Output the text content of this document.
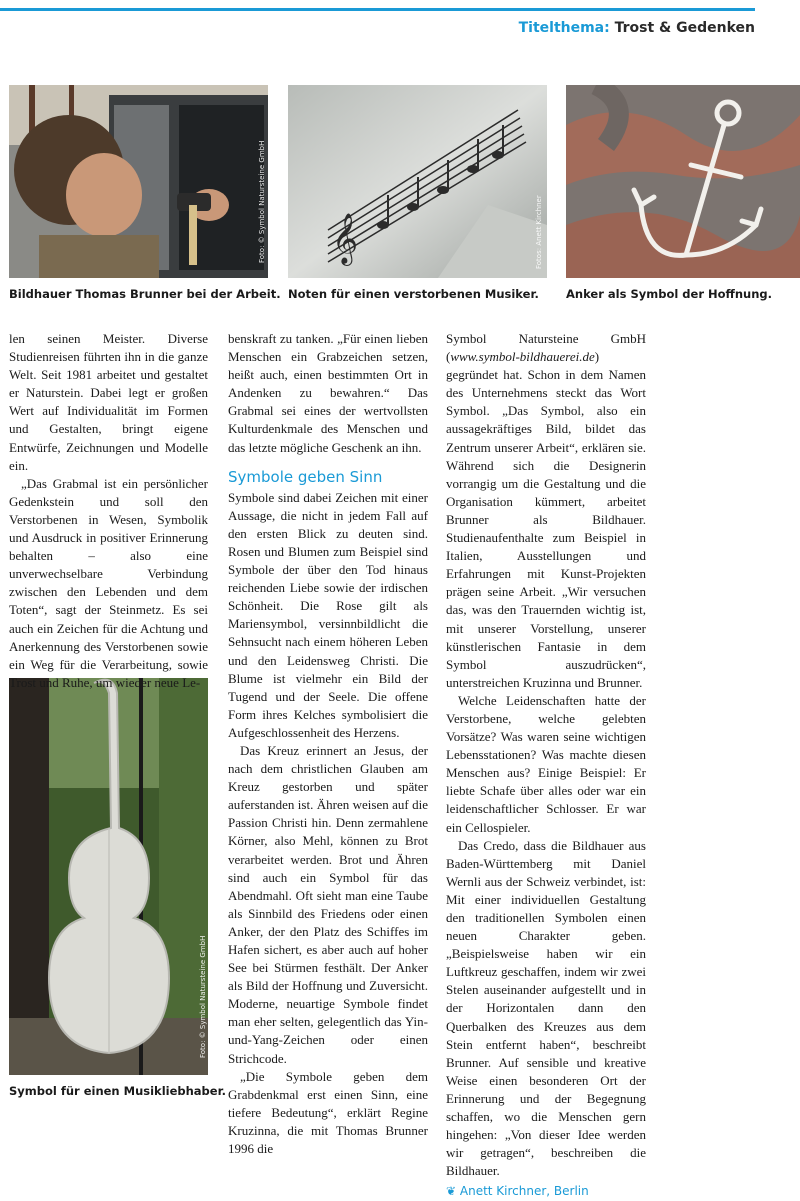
Titelthema: Trost & Gedenken
Foto: © Symbol Natursteine GmbH
Bildhauer Thomas Brunner bei der Arbeit.
𝄞	Fotos: Anett Kirchner
Noten für einen verstorbenen Musiker. Anker als Symbol der Hoffnung.
Foto: © Symbol Natursteine GmbH
Symbol für einen Musikliebhaber.

len seinen Meister. Diverse Studienreisen führten ihn in die ganze Welt. Seit 1981 arbeitet und gestaltet er Naturstein. Dabei legt er großen Wert auf Individualität im Formen und Gestalten, bringt eigene Entwürfe, Zeichnungen und Modelle ein.

„Das Grabmal ist ein persönlicher Gedenkstein und soll den Verstorbenen in Wesen, Symbolik und Ausdruck in positiver Erinnerung behalten – also eine unverwechselbare Verbindung zwischen den Lebenden und dem Toten“, sagt der Steinmetz. Es sei auch ein Zeichen für die Achtung und Anerkennung des Verstorbenen sowie ein Weg für die Verarbeitung, sowie Trost und Ruhe, um wieder neue Le-

benskraft zu tanken. „Für einen lieben Menschen ein Grabzeichen setzen, heißt auch, einen bestimmten Ort in Andenken zu bewahren.“ Das Grabmal sei eines der wertvollsten Kulturdenkmale des Menschen und das letzte mögliche Geschenk an ihn.

Symbole geben Sinn

Symbole sind dabei Zeichen mit einer Aussage, die nicht in jedem Fall auf den ersten Blick zu deuten sind. Rosen und Blumen zum Beispiel sind Symbole der über den Tod hinaus reichenden Liebe sowie der irdischen Schönheit. Die Rose gilt als Mariensymbol, versinnbildlicht die Sehnsucht nach einem höheren Leben und den Leidensweg Christi. Die Blume ist vielmehr ein Bild der Tugend und der Seele. Die offene Form ihres Kelches symbolisiert die Aufgeschlossenheit des Herzens.

Das Kreuz erinnert an Jesus, der nach dem christlichen Glauben am Kreuz gestorben und später auferstanden ist. Ähren weisen auf die Passion Christi hin. Denn zermahlene Körner, also Mehl, können zu Brot verarbeitet werden. Brot und Ähren sind auch ein Symbol für das Abendmahl. Oft sieht man eine Taube als Sinnbild des Friedens oder einen Anker, der den Platz des Schiffes im Hafen sichert, es aber auch auf hoher See bei Stürmen festhält. Der Anker als Bild der Hoffnung und Zuversicht. Moderne, neuartige Symbole findet man eher selten, gelegentlich das Yin-und-Yang-Zeichen oder einen Strichcode.

„Die Symbole geben dem Grabdenkmal erst einen Sinn, eine tiefere Bedeutung“, erklärt Regine Kruzinna, die mit Thomas Brunner 1996 die

Symbol Natursteine GmbH (www.symbol-bildhauerei.de) gegründet hat. Schon in dem Namen des Unternehmens steckt das Wort Symbol. „Das Symbol, also ein aussagekräftiges Bild, bildet das Zentrum unserer Arbeit“, erklären sie. Während sich die Designerin vorrangig um die Gestaltung und die Organisation kümmert, arbeitet Brunner als Bildhauer. Studienaufenthalte zum Beispiel in Italien, Ausstellungen und Erfahrungen mit Kunst-Projekten prägen seine Arbeit. „Wir versuchen das, was den Trauernden wichtig ist, mit unserer Vorstellung, unserer künstlerischen Fantasie in dem Symbol auszudrücken“, unterstreichen Kruzinna und Brunner.

Welche Leidenschaften hatte der Verstorbene, welche gelebten Vorsätze? Was waren seine wichtigen Lebensstationen? Was machte diesen Menschen aus? Einige Beispiel: Er liebte Schafe über alles oder war ein leidenschaftlicher Schlosser. Er war ein Cellospieler.

Das Credo, dass die Bildhauer aus Baden-Württemberg mit Daniel Wernli aus der Schweiz verbindet, ist: Mit einer individuellen Gestaltung den traditionellen Symbolen einen neuen Charakter geben. „Beispielsweise haben wir ein Luftkreuz geschaffen, indem wir zwei Stelen auseinander aufgestellt und in der Horizontalen dann den Querbalken des Kreuzes aus dem Stein entfernt haben“, beschreibt Brunner. Auf sensible und kreative Weise einen besonderen Ort der Erinnerung und der Begegnung schaffen, wo die Menschen gern hingehen: „Von dieser Idee werden wir getragen“, beschreiben die Bildhauer.

❦ Anett Kirchner, Berlin
